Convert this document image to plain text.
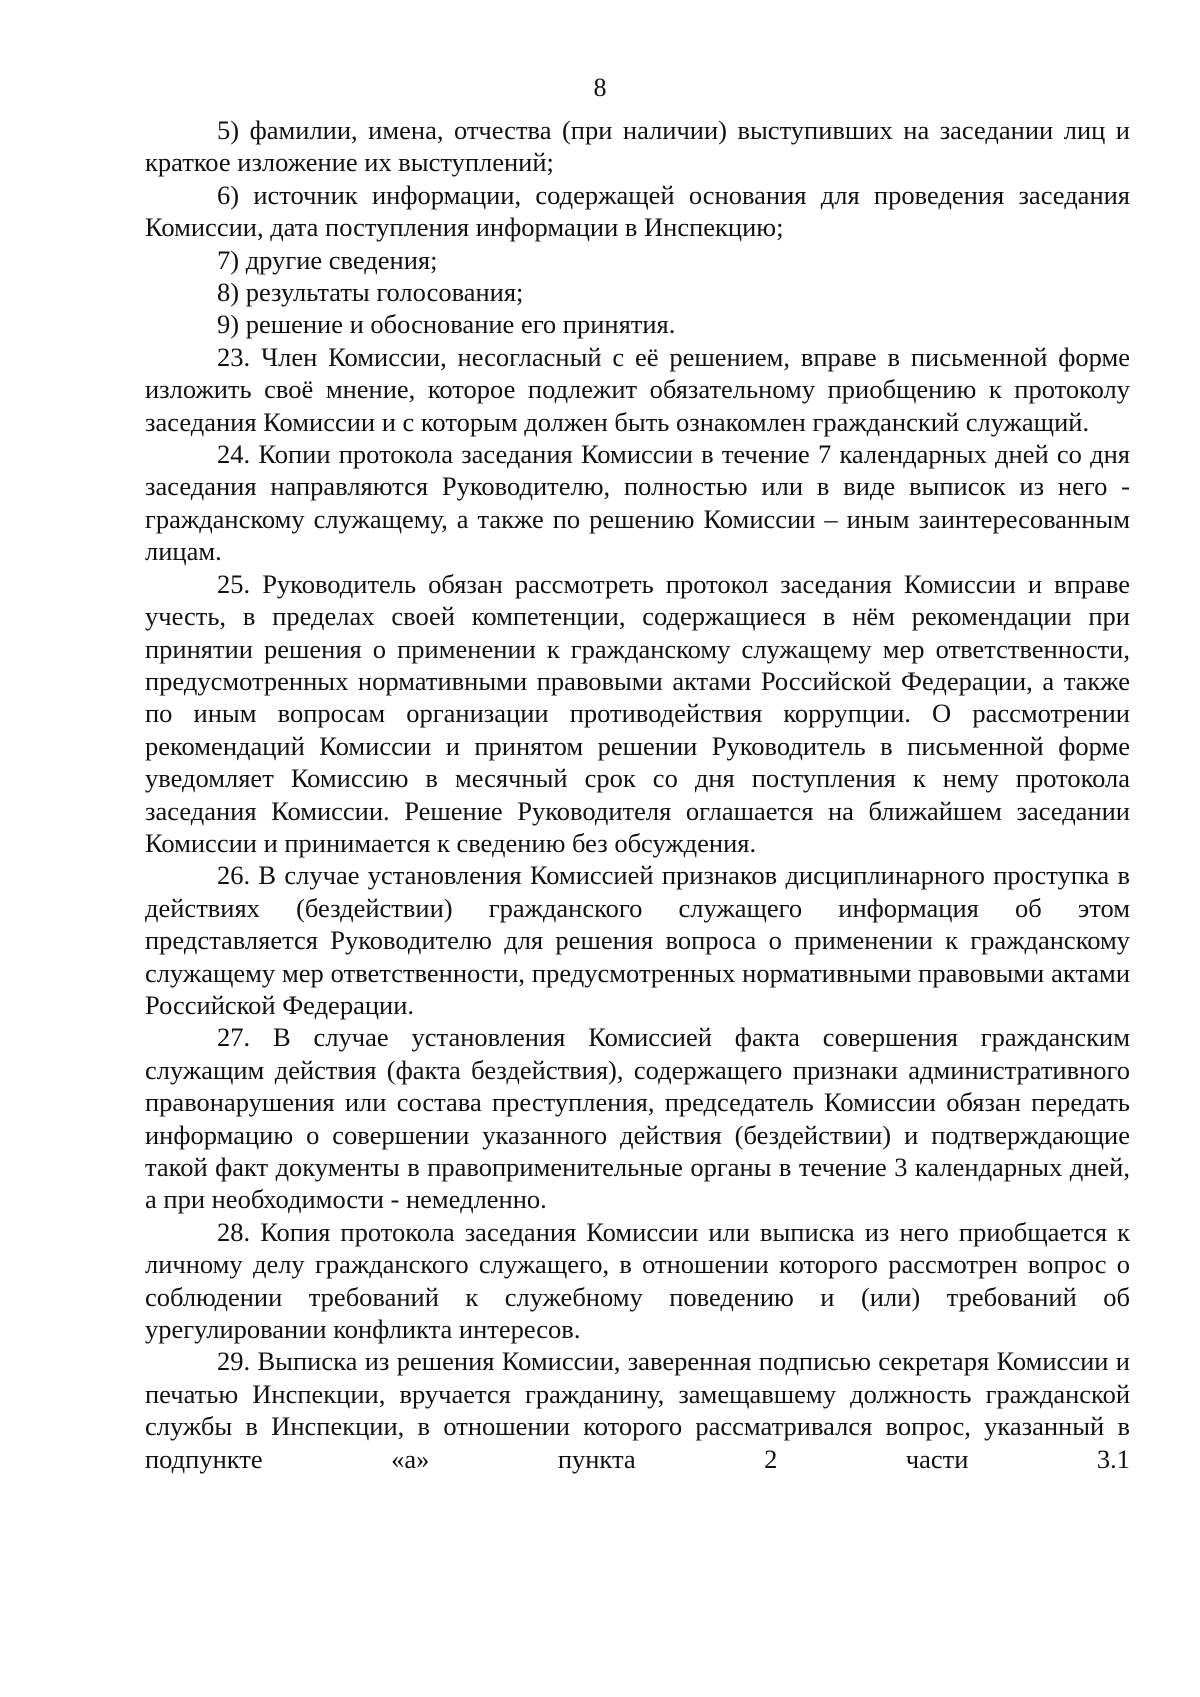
8

5) фамилии, имена, отчества (при наличии) выступивших на заседании лиц и краткое изложение их выступлений;

6) источник информации, содержащей основания для проведения заседания Комиссии, дата поступления информации в Инспекцию;

7) другие сведения;

8) результаты голосования;

9) решение и обоснование его принятия.

23. Член Комиссии, несогласный с её решением, вправе в письменной форме изложить своё мнение, которое подлежит обязательному приобщению к протоколу заседания Комиссии и с которым должен быть ознакомлен гражданский служащий.

24. Копии протокола заседания Комиссии в течение 7 календарных дней со дня заседания направляются Руководителю, полностью или в виде выписок из него - гражданскому служащему, а также по решению Комиссии – иным заинтересованным лицам.

25. Руководитель обязан рассмотреть протокол заседания Комиссии и вправе учесть, в пределах своей компетенции, содержащиеся в нём рекомендации при принятии решения о применении к гражданскому служащему мер ответственности, предусмотренных нормативными правовыми актами Российской Федерации, а также по иным вопросам организации противодействия коррупции. О рассмотрении рекомендаций Комиссии и принятом решении Руководитель в письменной форме уведомляет Комиссию в месячный срок со дня поступления к нему протокола заседания Комиссии. Решение Руководителя оглашается на ближайшем заседании Комиссии и принимается к сведению без обсуждения.

26. В случае установления Комиссией признаков дисциплинарного проступка в действиях (бездействии) гражданского служащего информация об этом представляется Руководителю для решения вопроса о применении к гражданскому служащему мер ответственности, предусмотренных нормативными правовыми актами Российской Федерации.

27. В случае установления Комиссией факта совершения гражданским служащим действия (факта бездействия), содержащего признаки административного правонарушения или состава преступления, председатель Комиссии обязан передать информацию о совершении указанного действия (бездействии) и подтверждающие такой факт документы в правоприменительные органы в течение 3 календарных дней, а при необходимости - немедленно.

28. Копия протокола заседания Комиссии или выписка из него приобщается к личному делу гражданского служащего, в отношении которого рассмотрен вопрос о соблюдении требований к служебному поведению и (или) требований об урегулировании конфликта интересов.

29. Выписка из решения Комиссии, заверенная подписью секретаря Комиссии и печатью Инспекции, вручается гражданину, замещавшему должность гражданской службы в Инспекции, в отношении которого рассматривался вопрос, указанный в подпункте «а» пункта 2 части 3.1
